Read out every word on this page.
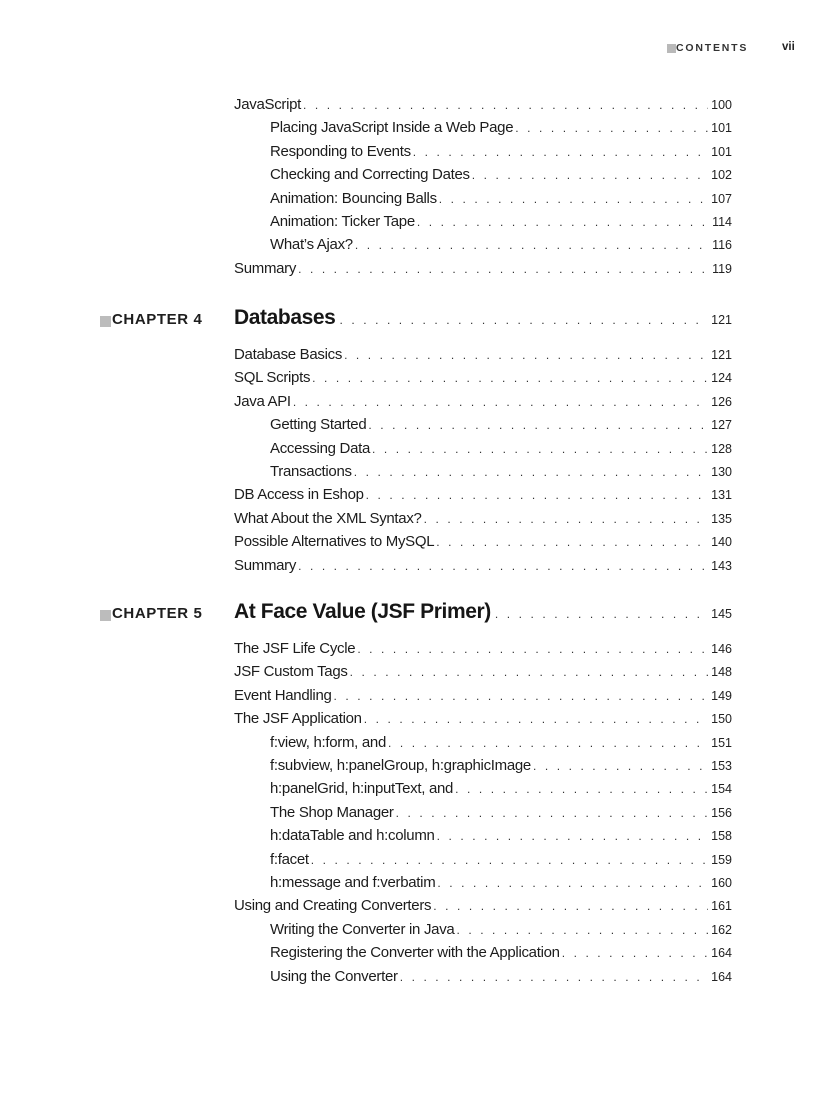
CONTENTS	vii
JavaScript . . .	100
Placing JavaScript Inside a Web Page . . .	101
Responding to Events . . .	101
Checking and Correcting Dates . . .	102
Animation: Bouncing Balls . . .	107
Animation: Ticker Tape . . .	114
What’s Ajax? . . .	116
Summary . . .	119
CHAPTER 4 Databases . . .	121
Database Basics . . .	121
SQL Scripts . . .	124
Java API . . .	126
Getting Started . . .	127
Accessing Data . . .	128
Transactions . . .	130
DB Access in Eshop . . .	131
What About the XML Syntax? . . .	135
Possible Alternatives to MySQL . . .	140
Summary . . .	143
CHAPTER 5 At Face Value (JSF Primer) . . .	145
The JSF Life Cycle . . .	146
JSF Custom Tags . . .	148
Event Handling . . .	149
The JSF Application . . .	150
f:view, h:form, and . . .	151
f:subview, h:panelGroup, h:graphicImage . . .	153
h:panelGrid, h:inputText, and . . .	154
The Shop Manager . . .	156
h:dataTable and h:column . . .	158
f:facet . . .	159
h:message and f:verbatim . . .	160
Using and Creating Converters . . .	161
Writing the Converter in Java . . .	162
Registering the Converter with the Application . . .	164
Using the Converter . . .	164
